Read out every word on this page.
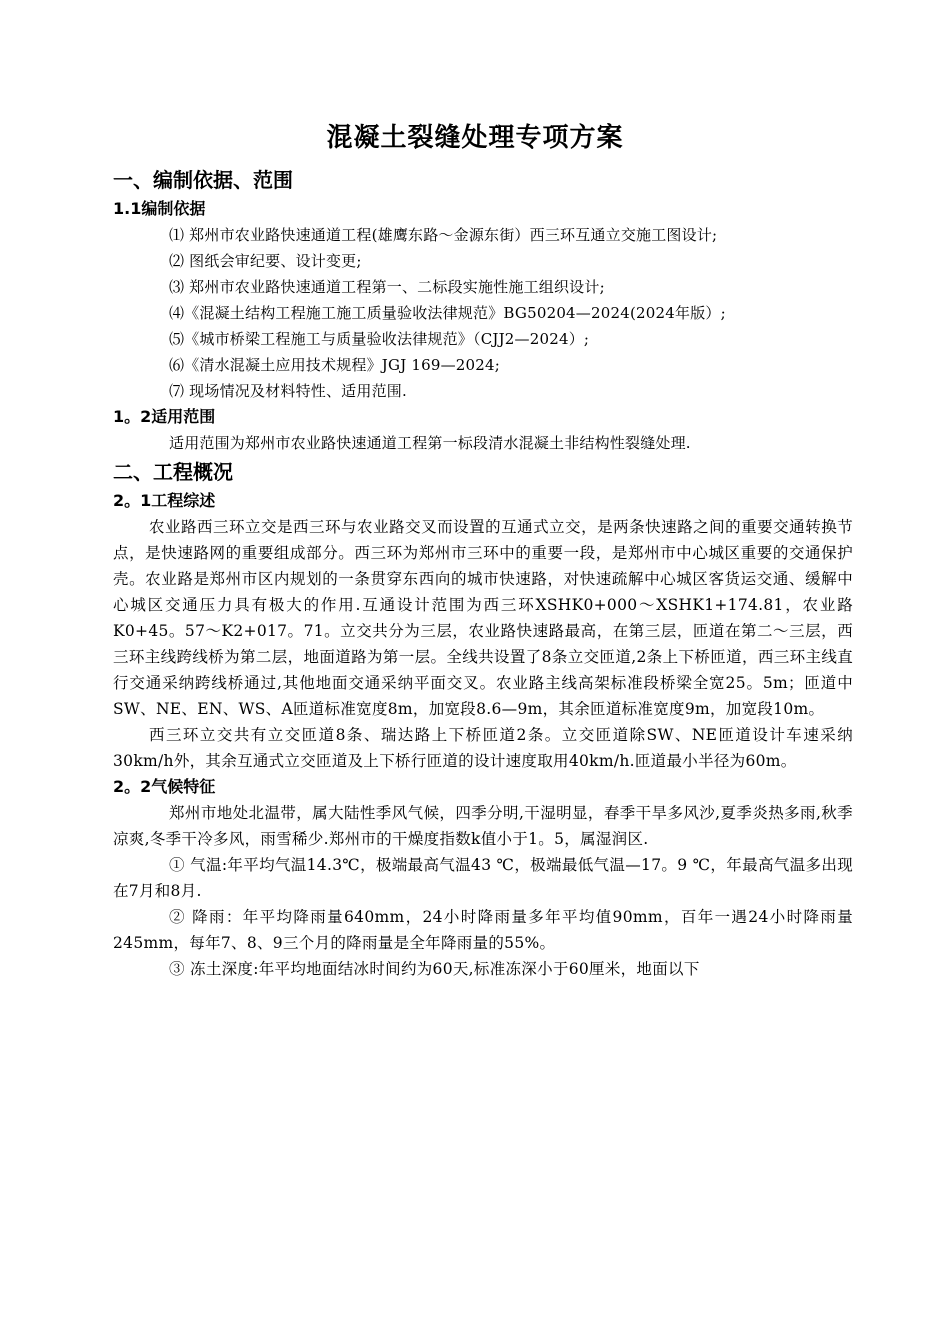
混凝土裂缝处理专项方案
一、编制依据、范围
1.1编制依据

⑴ 郑州市农业路快速通道工程(雄鹰东路～金源东街）西三环互通立交施工图设计;

⑵ 图纸会审纪要、设计变更;

⑶ 郑州市农业路快速通道工程第一、二标段实施性施工组织设计;

⑷《混凝土结构工程施工施工质量验收法律规范》BG50204—2024(2024年版）;

⑸《城市桥梁工程施工与质量验收法律规范》（CJJ2—2024）;

⑹《清水混凝土应用技术规程》JGJ 169—2024;

⑺ 现场情况及材料特性、适用范围.

1。2适用范围

适用范围为郑州市农业路快速通道工程第一标段清水混凝土非结构性裂缝处理.

二、工程概况
2。1工程综述

农业路西三环立交是西三环与农业路交叉而设置的互通式立交，是两条快速路之间的重要交通转换节点，是快速路网的重要组成部分。西三环为郑州市三环中的重要一段，是郑州市中心城区重要的交通保护壳。农业路是郑州市区内规划的一条贯穿东西向的城市快速路，对快速疏解中心城区客货运交通、缓解中心城区交通压力具有极大的作用.互通设计范围为西三环XSHK0+000～XSHK1+174.81，农业路K0+45。57～K2+017。71。立交共分为三层，农业路快速路最高，在第三层，匝道在第二～三层，西三环主线跨线桥为第二层，地面道路为第一层。全线共设置了8条立交匝道,2条上下桥匝道，西三环主线直行交通采纳跨线桥通过,其他地面交通采纳平面交叉。农业路主线高架标准段桥梁全宽25。5m；匝道中SW、NE、EN、WS、A匝道标准宽度8m，加宽段8.6—9m，其余匝道标准宽度9m，加宽段10m。

西三环立交共有立交匝道8条、瑞达路上下桥匝道2条。立交匝道除SW、NE匝道设计车速采纳30km/h外，其余互通式立交匝道及上下桥行匝道的设计速度取用40km/h.匝道最小半径为60m。

2。2气候特征

郑州市地处北温带，属大陆性季风气候，四季分明,干湿明显，春季干旱多风沙,夏季炎热多雨,秋季凉爽,冬季干冷多风，雨雪稀少.郑州市的干燥度指数k值小于1。5，属湿润区.

① 气温:年平均气温14.3℃，极端最高气温43 ℃，极端最低气温—17。9 ℃，年最高气温多出现在7月和8月.

② 降雨：年平均降雨量640mm，24小时降雨量多年平均值90mm，百年一遇24小时降雨量245mm，每年7、8、9三个月的降雨量是全年降雨量的55%。

③ 冻土深度:年平均地面结冰时间约为60天,标准冻深小于60厘米，地面以下
